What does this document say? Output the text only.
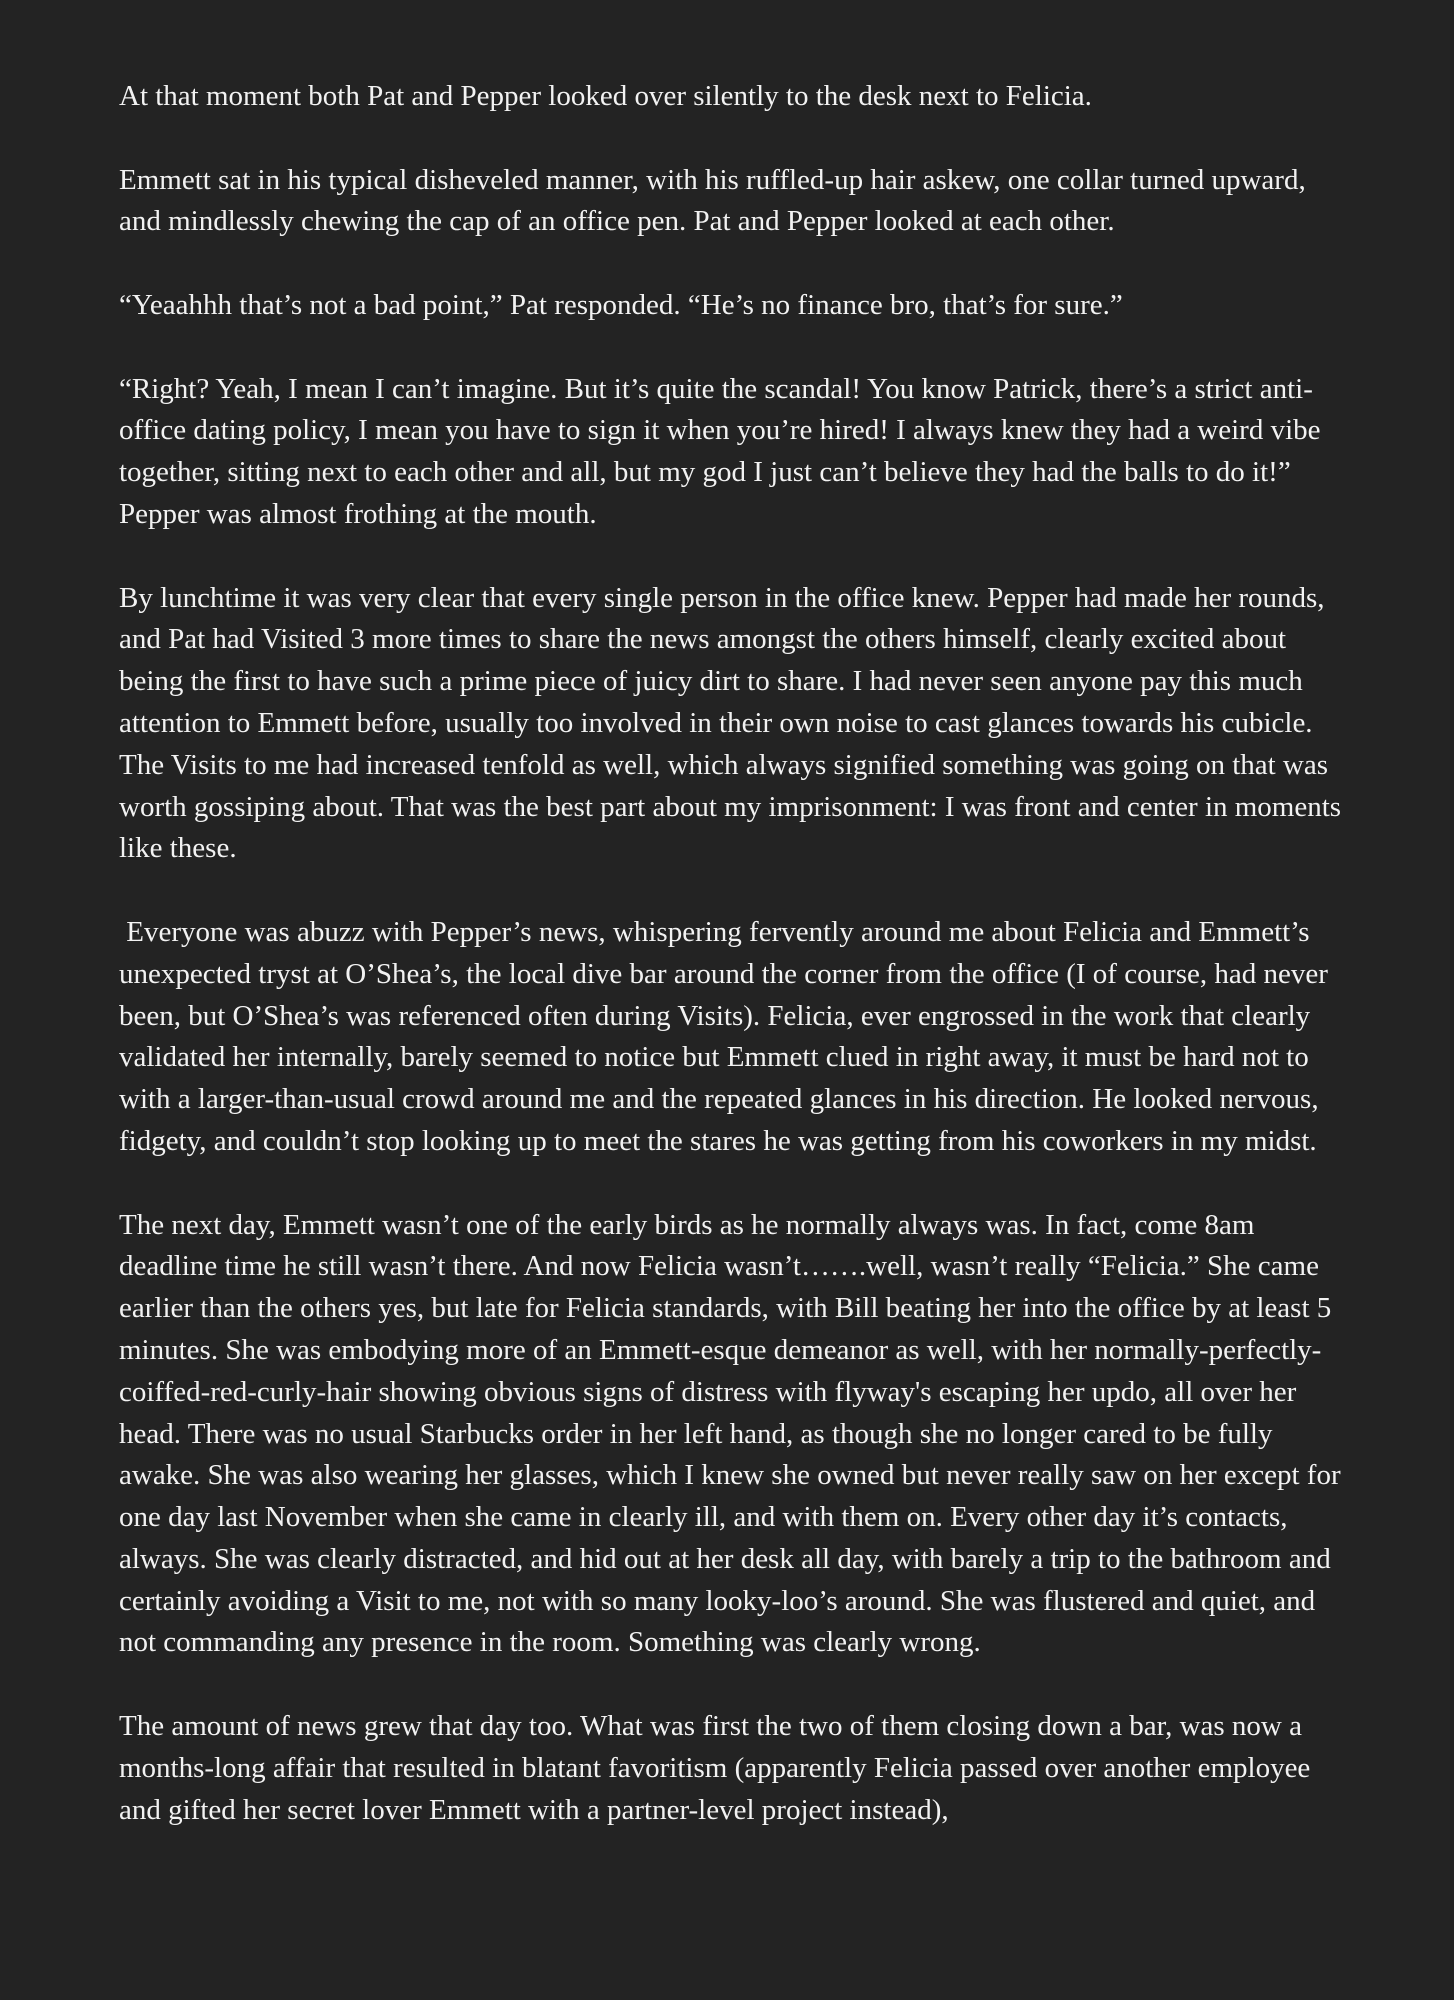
At that moment both Pat and Pepper looked over silently to the desk next to Felicia.

Emmett sat in his typical disheveled manner, with his ruffled-up hair askew, one collar turned upward, and mindlessly chewing the cap of an office pen. Pat and Pepper looked at each other.

“Yeaahhh that’s not a bad point,” Pat responded. “He’s no finance bro, that’s for sure.”

“Right? Yeah, I mean I can’t imagine. But it’s quite the scandal! You know Patrick, there’s a strict anti-office dating policy, I mean you have to sign it when you’re hired! I always knew they had a weird vibe together, sitting next to each other and all, but my god I just can’t believe they had the balls to do it!” Pepper was almost frothing at the mouth.

By lunchtime it was very clear that every single person in the office knew. Pepper had made her rounds, and Pat had Visited 3 more times to share the news amongst the others himself, clearly excited about being the first to have such a prime piece of juicy dirt to share. I had never seen anyone pay this much attention to Emmett before, usually too involved in their own noise to cast glances towards his cubicle. The Visits to me had increased tenfold as well, which always signified something was going on that was worth gossiping about. That was the best part about my imprisonment: I was front and center in moments like these.

Everyone was abuzz with Pepper’s news, whispering fervently around me about Felicia and Emmett’s unexpected tryst at O’Shea’s, the local dive bar around the corner from the office (I of course, had never been, but O’Shea’s was referenced often during Visits). Felicia, ever engrossed in the work that clearly validated her internally, barely seemed to notice but Emmett clued in right away, it must be hard not to with a larger-than-usual crowd around me and the repeated glances in his direction. He looked nervous, fidgety, and couldn’t stop looking up to meet the stares he was getting from his coworkers in my midst.

The next day, Emmett wasn’t one of the early birds as he normally always was. In fact, come 8am deadline time he still wasn’t there. And now Felicia wasn’t…….well, wasn’t really “Felicia.” She came earlier than the others yes, but late for Felicia standards, with Bill beating her into the office by at least 5 minutes. She was embodying more of an Emmett-esque demeanor as well, with her normally-perfectly-coiffed-red-curly-hair showing obvious signs of distress with flyway's escaping her updo, all over her head. There was no usual Starbucks order in her left hand, as though she no longer cared to be fully awake. She was also wearing her glasses, which I knew she owned but never really saw on her except for one day last November when she came in clearly ill, and with them on. Every other day it’s contacts, always. She was clearly distracted, and hid out at her desk all day, with barely a trip to the bathroom and certainly avoiding a Visit to me, not with so many looky-loo’s around. She was flustered and quiet, and not commanding any presence in the room. Something was clearly wrong.

The amount of news grew that day too. What was first the two of them closing down a bar, was now a months-long affair that resulted in blatant favoritism (apparently Felicia passed over another employee and gifted her secret lover Emmett with a partner-level project instead),
